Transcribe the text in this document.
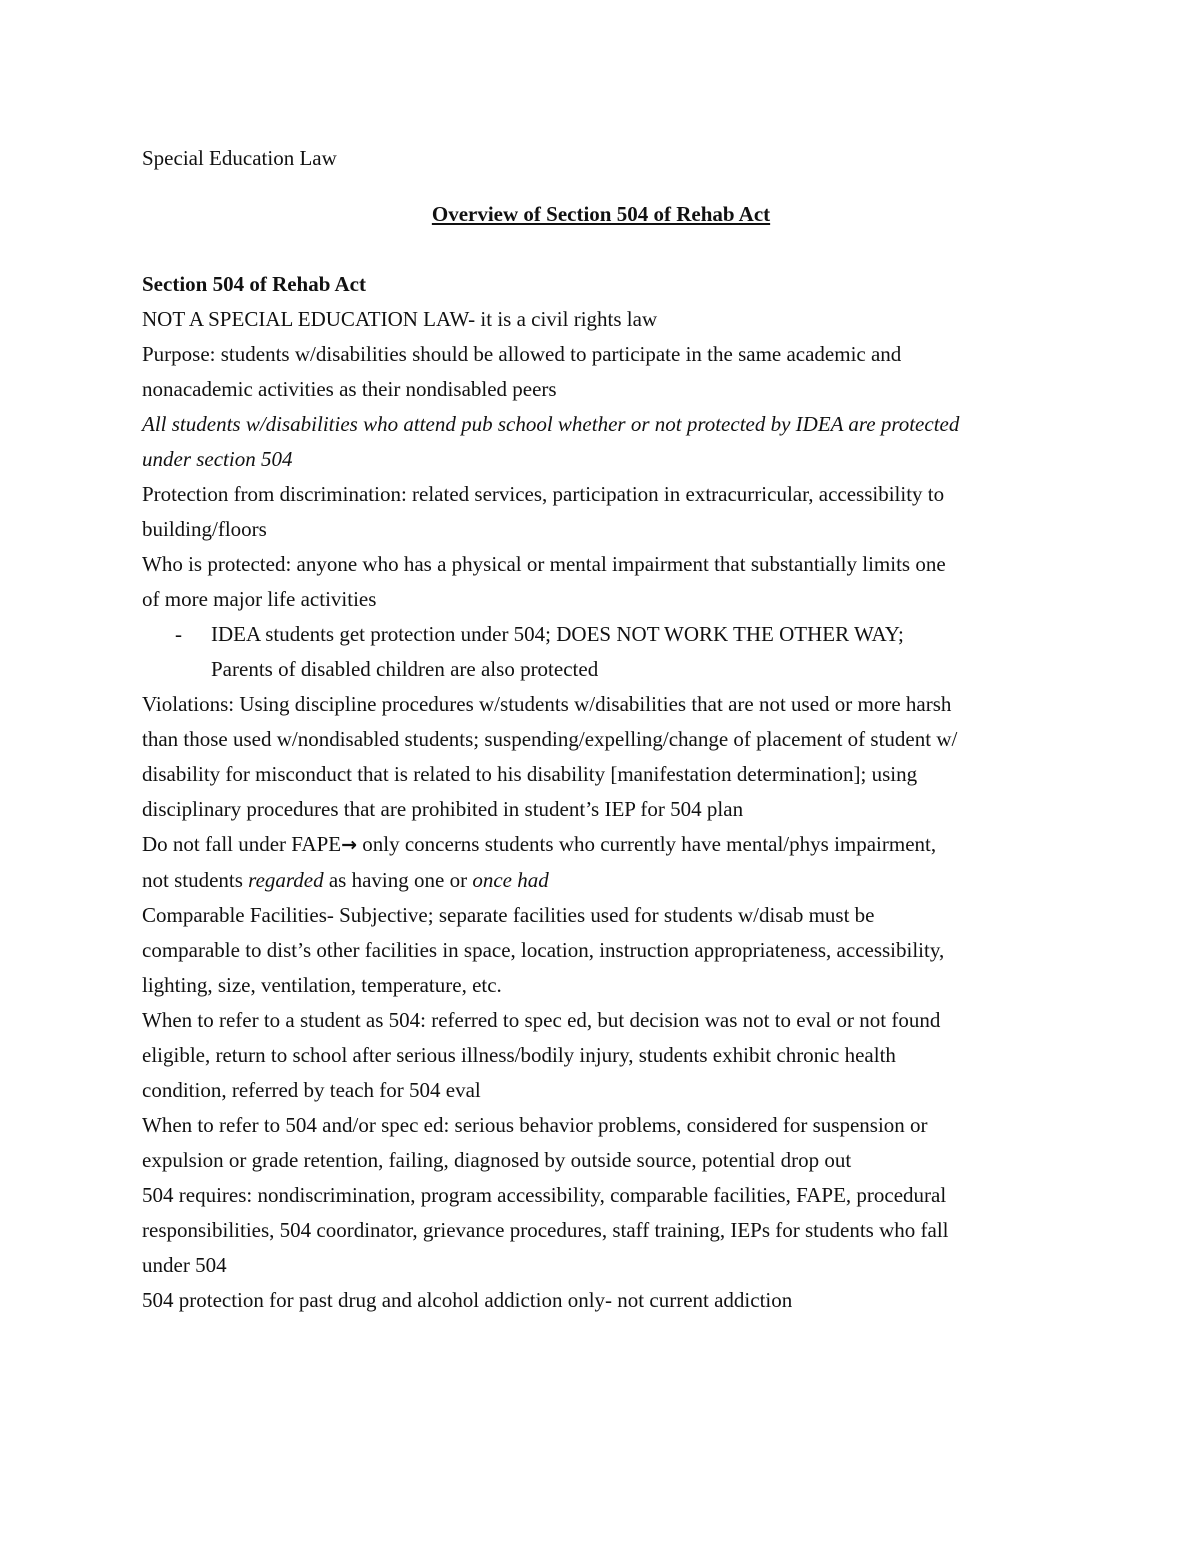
Special Education Law

Overview of Section 504 of Rehab Act

Section 504 of Rehab Act

NOT A SPECIAL EDUCATION LAW- it is a civil rights law

Purpose: students w/disabilities should be allowed to participate in the same academic and

nonacademic activities as their nondisabled peers

All students w/disabilities who attend pub school whether or not protected by IDEA are protected

under section 504

Protection from discrimination: related services, participation in extracurricular, accessibility to

building/floors

Who is protected: anyone who has a physical or mental impairment that substantially limits one

of more major life activities

-	IDEA students get protection under 504; DOES NOT WORK THE OTHER WAY;
Parents of disabled children are also protected

Violations: Using discipline procedures w/students w/disabilities that are not used or more harsh

than those used w/nondisabled students; suspending/expelling/change of placement of student w/

disability for misconduct that is related to his disability [manifestation determination]; using

disciplinary procedures that are prohibited in student’s IEP for 504 plan

Do not fall under FAPE→ only concerns students who currently have mental/phys impairment,

not students regarded as having one or once had

Comparable Facilities- Subjective; separate facilities used for students w/disab must be

comparable to dist’s other facilities in space, location, instruction appropriateness, accessibility,

lighting, size, ventilation, temperature, etc.

When to refer to a student as 504: referred to spec ed, but decision was not to eval or not found

eligible, return to school after serious illness/bodily injury, students exhibit chronic health

condition, referred by teach for 504 eval

When to refer to 504 and/or spec ed: serious behavior problems, considered for suspension or

expulsion or grade retention, failing, diagnosed by outside source, potential drop out

504 requires: nondiscrimination, program accessibility, comparable facilities, FAPE, procedural

responsibilities, 504 coordinator, grievance procedures, staff training, IEPs for students who fall

under 504

504 protection for past drug and alcohol addiction only- not current addiction
